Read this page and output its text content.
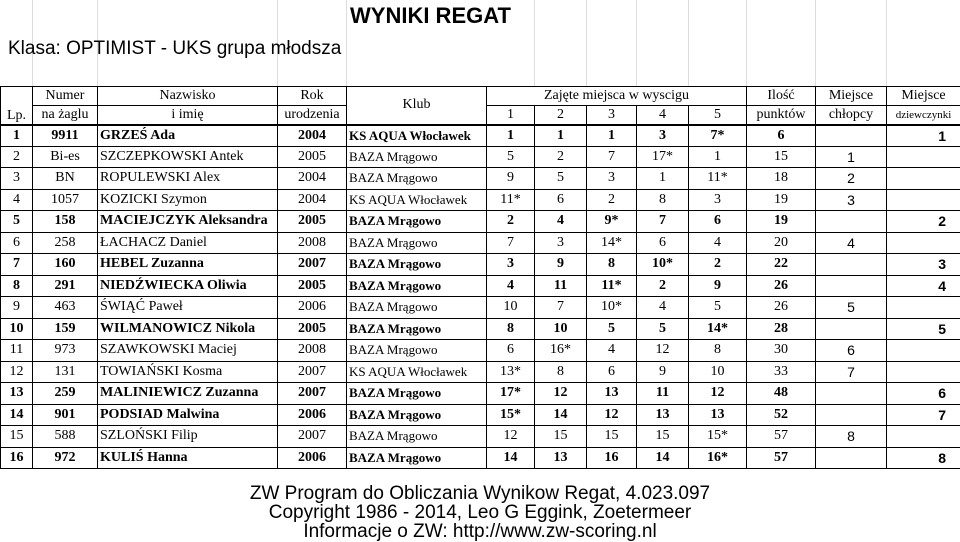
WYNIKI REGAT
Klasa: OPTIMIST - UKS grupa młodsza
Lp.	Numer	Nazwisko	Rok	Klub	Zajęte miejsca w wyscigu					Ilość	Miejsce	Miejsce
	na żaglu	i imię	urodzenia		1	2	3	4	5	punktów	chłopcy	dziewczynki
1	9911	GRZEŚ Ada	2004	KS AQUA Włocławek	1	1	1	3	7*	6		1
2	Bi-es	SZCZEPKOWSKI Antek	2005	BAZA Mrągowo	5	2	7	17*	1	15	1	
3	BN	ROPULEWSKI Alex	2004	BAZA Mrągowo	9	5	3	1	11*	18	2	
4	1057	KOZICKI Szymon	2004	KS AQUA Włocławek	11*	6	2	8	3	19	3	
5	158	MACIEJCZYK Aleksandra	2005	BAZA Mrągowo	2	4	9*	7	6	19		2
6	258	ŁACHACZ Daniel	2008	BAZA Mrągowo	7	3	14*	6	4	20	4	
7	160	HEBEL Zuzanna	2007	BAZA Mrągowo	3	9	8	10*	2	22		3
8	291	NIEDŹWIECKA Oliwia	2005	BAZA Mrągowo	4	11	11*	2	9	26		4
9	463	ŚWIĄĆ Paweł	2006	BAZA Mrągowo	10	7	10*	4	5	26	5	
10	159	WILMANOWICZ Nikola	2005	BAZA Mrągowo	8	10	5	5	14*	28		5
11	973	SZAWKOWSKI Maciej	2008	BAZA Mrągowo	6	16*	4	12	8	30	6	
12	131	TOWIAŃSKI Kosma	2007	KS AQUA Włocławek	13*	8	6	9	10	33	7	
13	259	MALINIEWICZ Zuzanna	2007	BAZA Mrągowo	17*	12	13	11	12	48		6
14	901	PODSIAD Malwina	2006	BAZA Mrągowo	15*	14	12	13	13	52		7
15	588	SZLOŃSKI Filip	2007	BAZA Mrągowo	12	15	15	15	15*	57	8	
16	972	KULIŚ Hanna	2006	BAZA Mrągowo	14	13	16	14	16*	57		8
ZW Program do Obliczania Wynikow Regat, 4.023.097
Copyright 1986 - 2014, Leo G Eggink, Zoetermeer
Informacje o ZW: http://www.zw-scoring.nl
